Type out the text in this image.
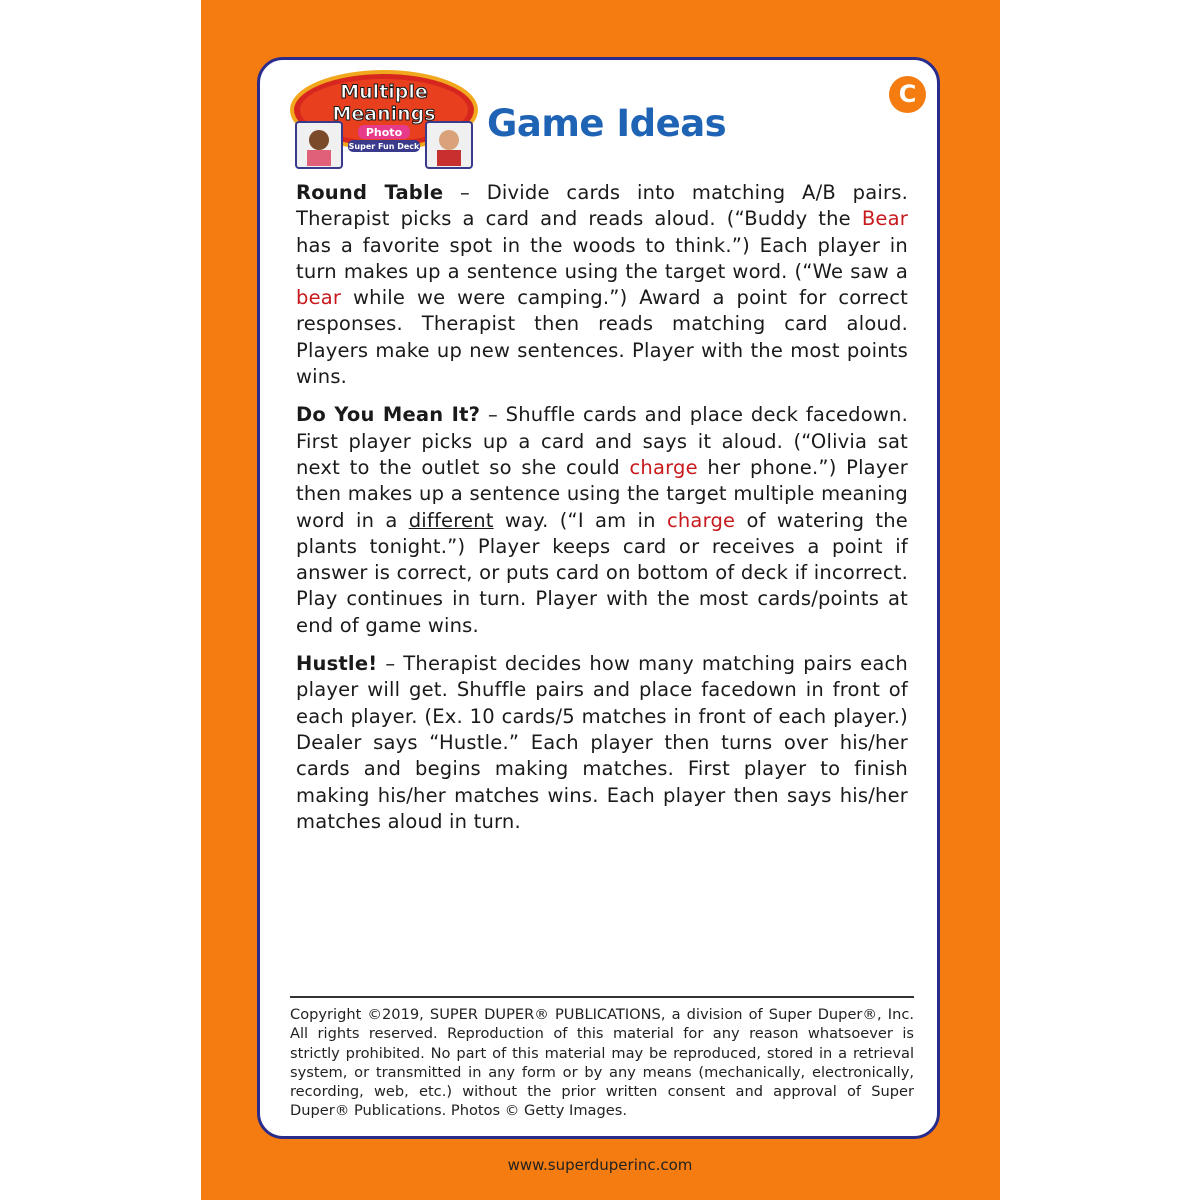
Multiple
Meanings
Photo
Super Fun Deck
Game Ideas
C

Round Table – Divide cards into matching A/B pairs. Therapist picks a card and reads aloud. (“Buddy the Bear has a favorite spot in the woods to think.”) Each player in turn makes up a sentence using the target word. (“We saw a bear while we were camping.”) Award a point for correct responses. Therapist then reads matching card aloud. Players make up new sentences. Player with the most points wins.

Do You Mean It? – Shuffle cards and place deck facedown. First player picks up a card and says it aloud. (“Olivia sat next to the outlet so she could charge her phone.”) Player then makes up a sentence using the target multiple meaning word in a different way. (“I am in charge of watering the plants tonight.”) Player keeps card or receives a point if answer is correct, or puts card on bottom of deck if incorrect. Play continues in turn. Player with the most cards/points at end of game wins.

Hustle! – Therapist decides how many matching pairs each player will get. Shuffle pairs and place facedown in front of each player. (Ex. 10 cards/5 matches in front of each player.) Dealer says “Hustle.” Each player then turns over his/her cards and begins making matches. First player to finish making his/her matches wins. Each player then says his/her matches aloud in turn.

Copyright ©2019, SUPER DUPER® PUBLICATIONS, a division of Super Duper®, Inc. All rights reserved. Reproduction of this material for any reason whatsoever is strictly prohibited. No part of this material may be reproduced, stored in a retrieval system, or transmitted in any form or by any means (mechanically, electronically, recording, web, etc.) without the prior written consent and approval of Super Duper® Publications. Photos © Getty Images.
www.superduperinc.com
